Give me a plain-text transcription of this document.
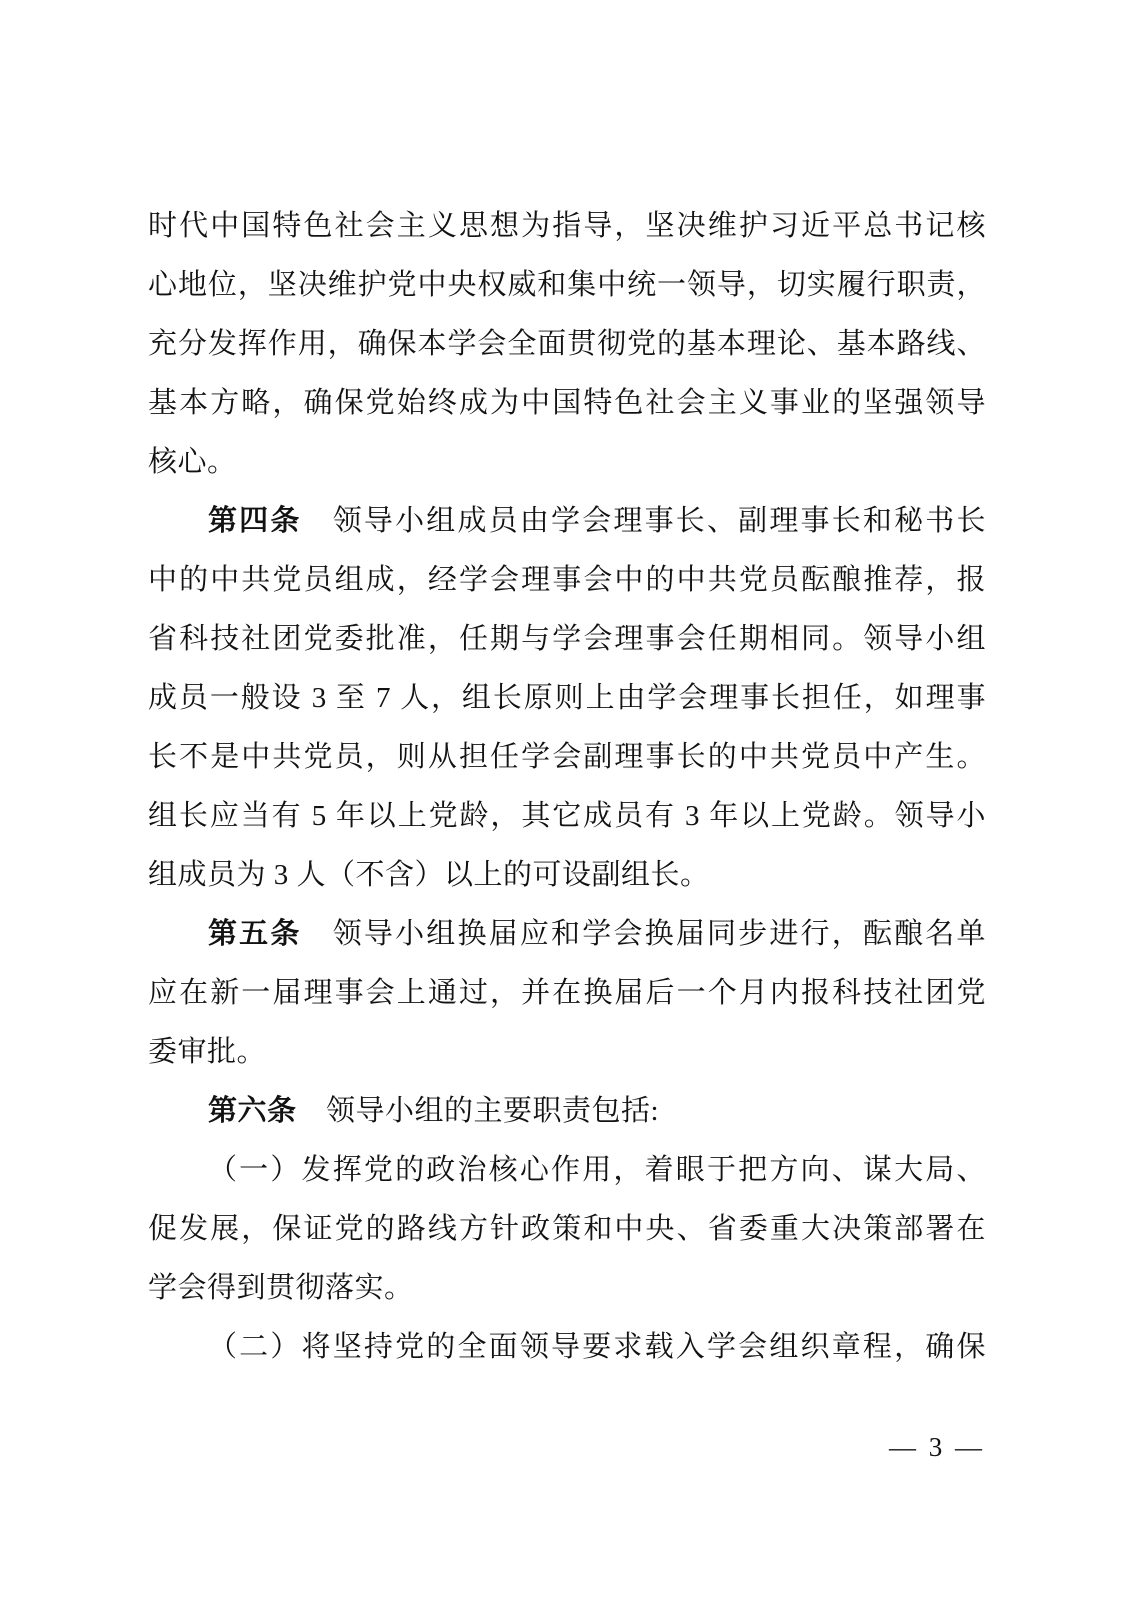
时代中国特色社会主义思想为指导，坚决维护习近平总书记核
心地位，坚决维护党中央权威和集中统一领导，切实履行职责，
充分发挥作用，确保本学会全面贯彻党的基本理论、基本路线、
基本方略，确保党始终成为中国特色社会主义事业的坚强领导
核心。
第四条　领导小组成员由学会理事长、副理事长和秘书长
中的中共党员组成，经学会理事会中的中共党员酝酿推荐，报
省科技社团党委批准，任期与学会理事会任期相同。领导小组
成员一般设 3 至 7 人，组长原则上由学会理事长担任，如理事
长不是中共党员，则从担任学会副理事长的中共党员中产生。
组长应当有 5 年以上党龄，其它成员有 3 年以上党龄。领导小
组成员为 3 人（不含）以上的可设副组长。
第五条　领导小组换届应和学会换届同步进行，酝酿名单
应在新一届理事会上通过，并在换届后一个月内报科技社团党
委审批。
第六条　领导小组的主要职责包括:
（一）发挥党的政治核心作用，着眼于把方向、谋大局、
促发展，保证党的路线方针政策和中央、省委重大决策部署在
学会得到贯彻落实。
（二）将坚持党的全面领导要求载入学会组织章程，确保
— 3 —
